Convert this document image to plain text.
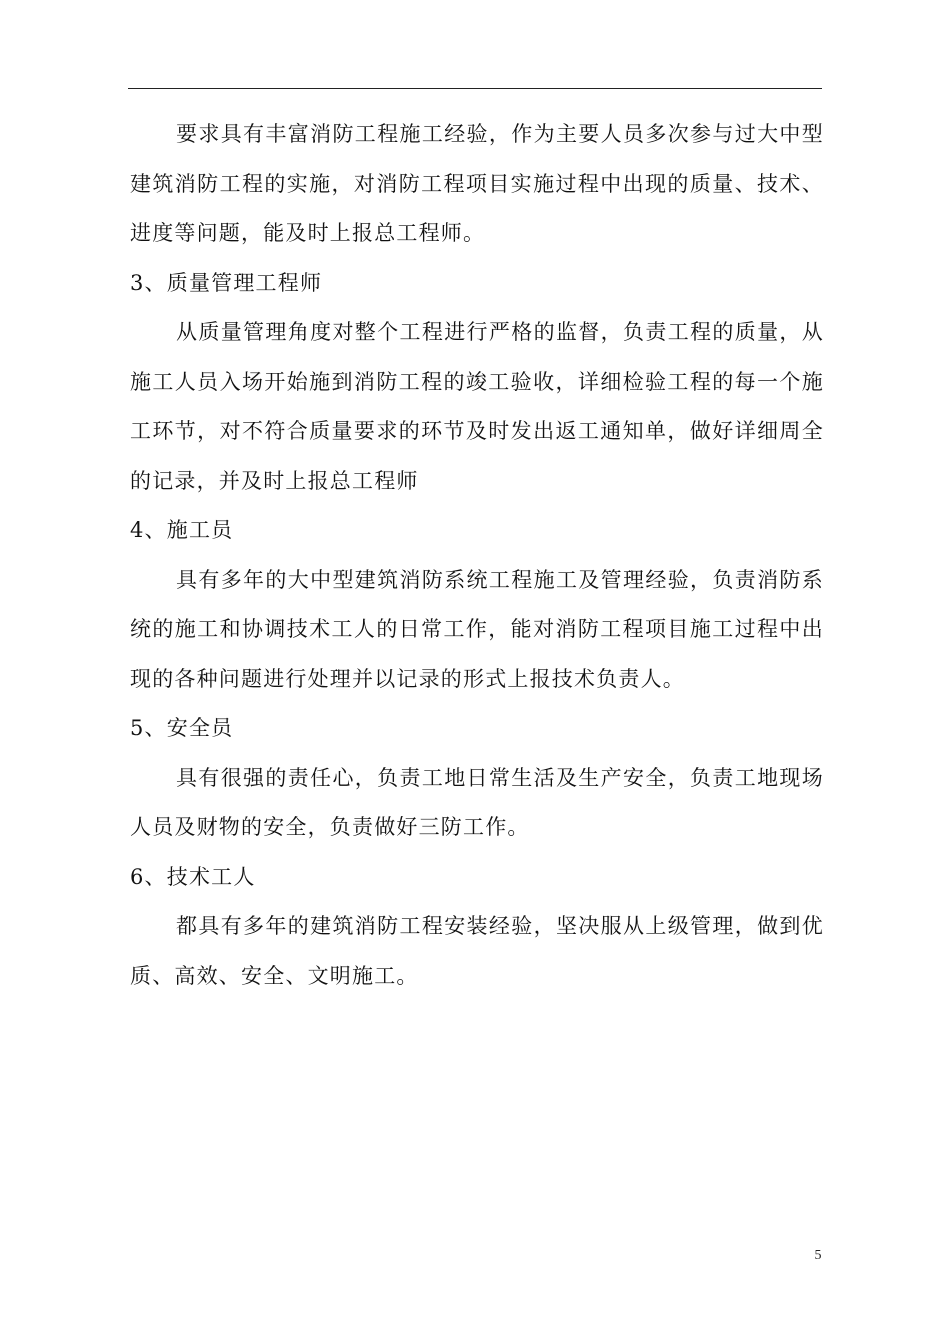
要求具有丰富消防工程施工经验，作为主要人员多次参与过大中型建筑消防工程的实施，对消防工程项目实施过程中出现的质量、技术、进度等问题，能及时上报总工程师。

3、质量管理工程师

从质量管理角度对整个工程进行严格的监督，负责工程的质量，从施工人员入场开始施到消防工程的竣工验收，详细检验工程的每一个施工环节，对不符合质量要求的环节及时发出返工通知单，做好详细周全的记录，并及时上报总工程师

4、施工员

具有多年的大中型建筑消防系统工程施工及管理经验，负责消防系统的施工和协调技术工人的日常工作，能对消防工程项目施工过程中出现的各种问题进行处理并以记录的形式上报技术负责人。

5、安全员

具有很强的责任心，负责工地日常生活及生产安全，负责工地现场人员及财物的安全，负责做好三防工作。

6、技术工人

都具有多年的建筑消防工程安装经验，坚决服从上级管理，做到优质、高效、安全、文明施工。

5
